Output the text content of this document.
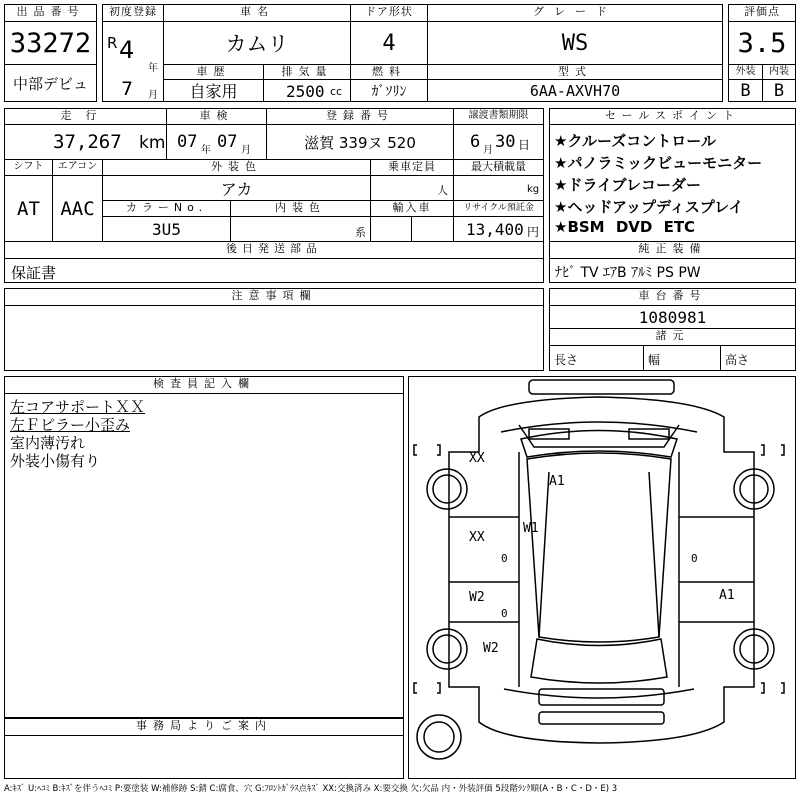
出品番号
33272
中部デビュ
初度登録
R 4
年
7 月
車名
カムリ
ドア形状
4
グレード
WS
評価点
3.5
車歴
自家用
排気量
2500 cc
燃料
ｶﾞｿﾘﾝ
型式
6AA-AXVH70
外装	内装
B	B
走行
37,267 km
車検
07 年 07 月
登録番号
滋賀 339ヌ 520
譲渡書類期限
6 月 30 日
セールスポイント
★クルーズコントロール
★パノラミックビューモニター
★ドライブレコーダー
★ヘッドアップディスプレイ
★BSM DVD ETC
シフト
AT
エアコン
AAC
外装色
アカ
乗車定員
人
最大積載量
kg
カラーNo.
3U5
内装色
系
輸入車	リサイクル預託金
13,400 円
後日発送部品
保証書
純正装備
ﾅﾋﾞ TV ｴｱB ｱﾙﾐ PS PW
注意事項欄	車台番号
1080981
諸元
長さ	幅	高さ
検査員記入欄
左コアサポートＸＸ
左Ｆピラー小歪み
室内薄汚れ
外装小傷有り
事務局よりご案内
XX
A1
W1
XX
0
W2
0
A1
0
W2
A:ｷｽﾞ U:ﾍｺﾐ B:ｷｽﾞを伴うﾍｺﾐ P:要塗装 W:補修跡 S:錆 C:腐食、穴 G:ﾌﾛﾝﾄｶﾞﾗｽ点ｷｽﾞ XX:交換済み X:要交換 欠:欠品 内・外装評価 5段階ﾗﾝｸ順(A・B・C・D・E) 3
